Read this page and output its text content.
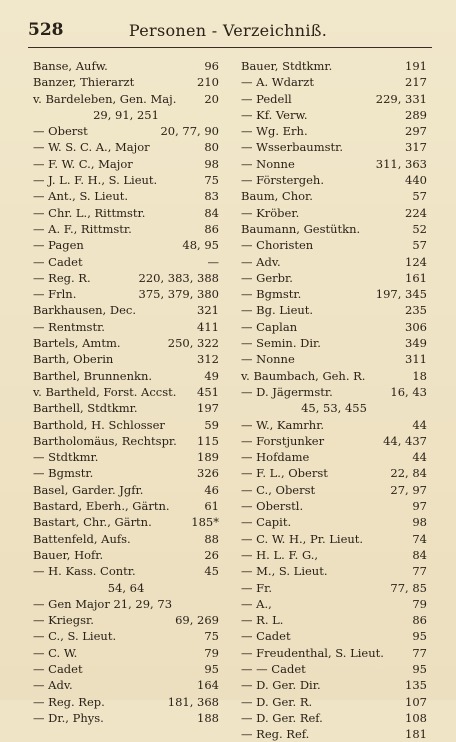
528	Personen - Verzeichniß.
Banse, Aufw.	96
Banzer, Thierarzt	210
v. Bardeleben, Gen. Maj. 20
29, 91, 251
— Oberst	20, 77, 90
— W. S. C. A., Major	80
— F. W. C., Major	98
— J. L. F. H., S. Lieut.	75
— Ant., S. Lieut.	83
— Chr. L., Rittmstr.	84
— A. F., Rittmstr.	86
— Pagen	48, 95
— Cadet	—
— Reg. R.	220, 383, 388
— Frln.	375, 379, 380
Barkhausen, Dec.	321
— Rentmstr.	411
Bartels, Amtm.	250, 322
Barth, Oberin	312
Barthel, Brunnenkn.	49
v. Bartheld, Forst. Accst. 451
Barthell, Stdtkmr.	197
Barthold, H. Schlosser	59
Bartholomäus, Rechtspr. 115
— Stdtkmr.	189
— Bgmstr.	326
Basel, Garder. Jgfr.	46
Bastard, Eberh., Gärtn.	61
Bastart, Chr., Gärtn.	185*
Battenfeld, Aufs.	88
Bauer, Hofr.	26
— H. Kass. Contr.	45
54, 64
— Gen Major 21, 29, 73
— Kriegsr.	69, 269
— C., S. Lieut.	75
— C. W.	79
— Cadet	95
— Adv.	164
— Reg. Rep.	181, 368
— Dr., Phys.	188
Bauer, Stdtkmr.	191
— A. Wdarzt	217
— Pedell	229, 331
— Kf. Verw.	289
— Wg. Erh.	297
— Wsserbaumstr.	317
— Nonne	311, 363
— Förstergeh.	440
Baum, Chor.	57
— Kröber.	224
Baumann, Gestütkn.	52
— Choristen	57
— Adv.	124
— Gerbr.	161
— Bgmstr.	197, 345
— Bg. Lieut.	235
— Caplan	306
— Semin. Dir.	349
— Nonne	311
v. Baumbach, Geh. R.	18
— D. Jägermstr.	16, 43
45, 53, 455
— W., Kamrhr.	44
— Forstjunker	44, 437
— Hofdame	44
— F. L., Oberst	22, 84
— C., Oberst	27, 97
— Oberstl.	97
— Capit.	98
— C. W. H., Pr. Lieut.	74
— H. L. F. G.,	84
— M., S. Lieut.	77
— Fr.	77, 85
— A.,	79
— R. L.	86
— Cadet	95
— Freudenthal, S. Lieut. 77
— — Cadet	95
— D. Ger. Dir.	135
— D. Ger. R.	107
— D. Ger. Ref.	108
— Reg. Ref.	181
